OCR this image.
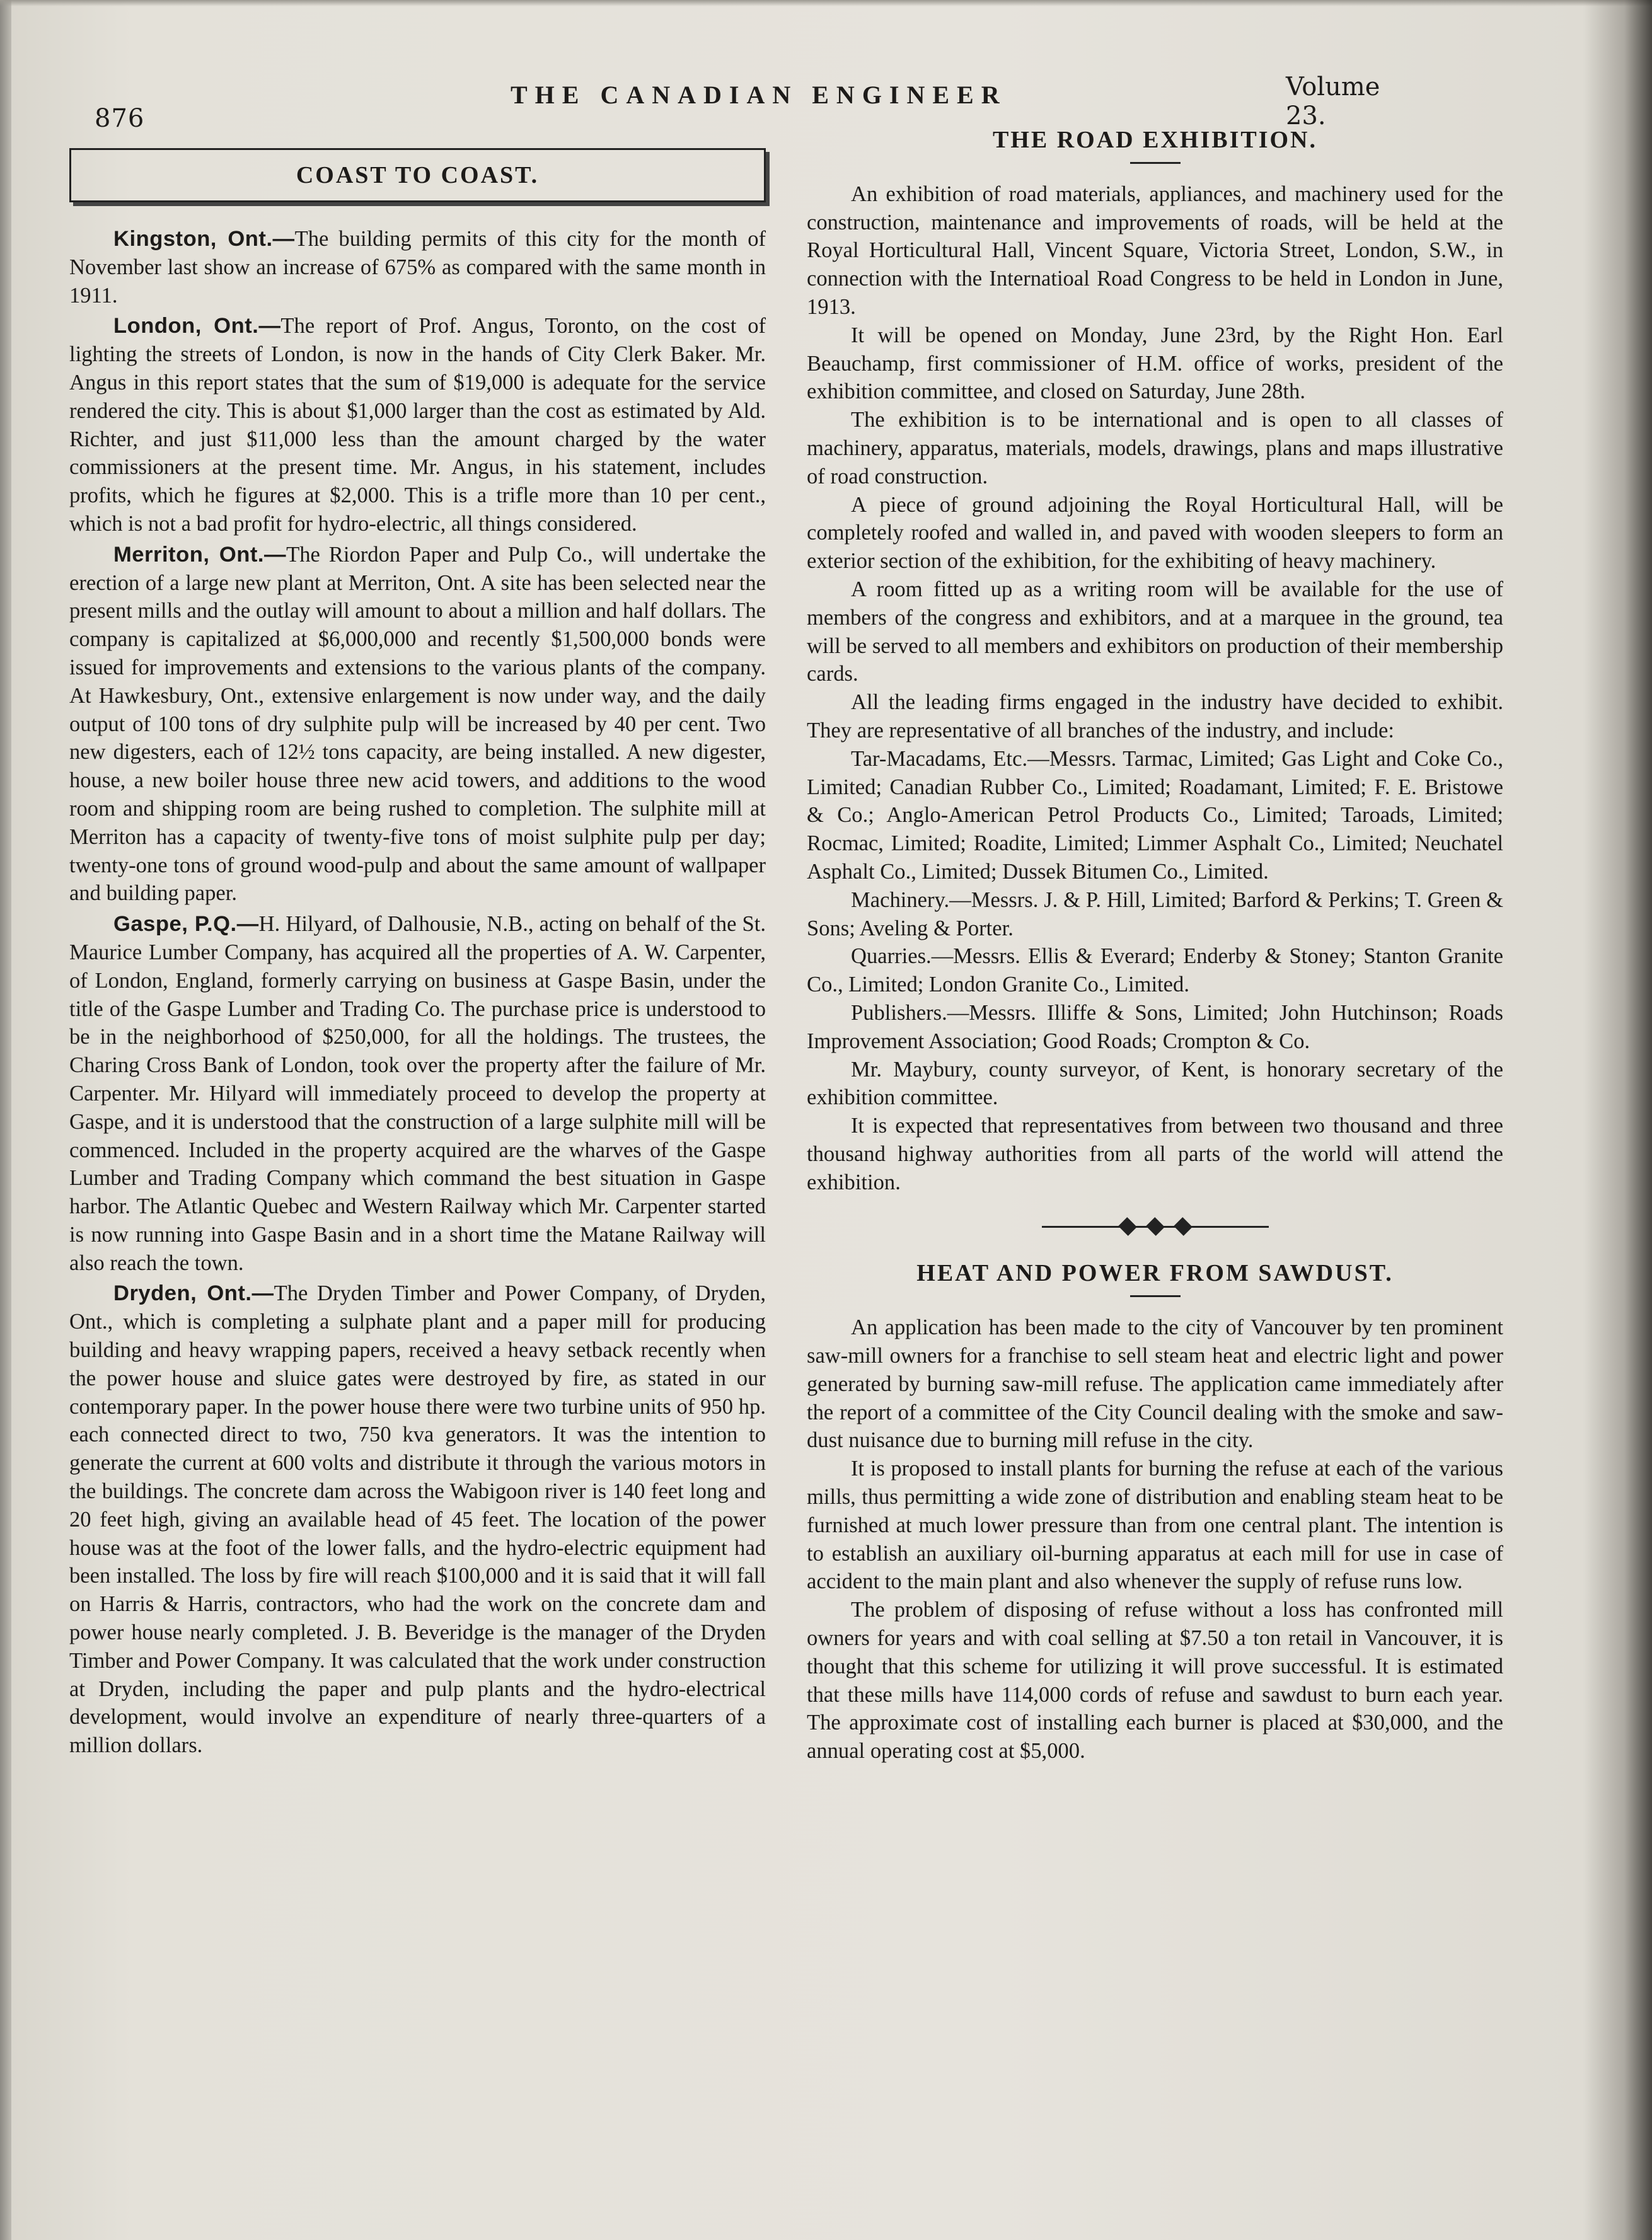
876
THE CANADIAN ENGINEER	Volume 23.
COAST TO COAST.

Kingston, Ont.—The building permits of this city for the month of November last show an increase of 675% as compared with the same month in 1911.

London, Ont.—The report of Prof. Angus, Toronto, on the cost of lighting the streets of London, is now in the hands of City Clerk Baker. Mr. Angus in this report states that the sum of $19,000 is adequate for the service rendered the city. This is about $1,000 larger than the cost as estimated by Ald. Richter, and just $11,000 less than the amount charged by the water commissioners at the present time. Mr. Angus, in his statement, includes profits, which he figures at $2,000. This is a trifle more than 10 per cent., which is not a bad profit for hydro-electric, all things considered.

Merriton, Ont.—The Riordon Paper and Pulp Co., will undertake the erection of a large new plant at Merriton, Ont. A site has been selected near the present mills and the outlay will amount to about a million and half dollars. The company is capitalized at $6,000,000 and recently $1,500,000 bonds were issued for improvements and extensions to the various plants of the company. At Hawkesbury, Ont., extensive enlargement is now under way, and the daily output of 100 tons of dry sulphite pulp will be increased by 40 per cent. Two new digesters, each of 12½ tons capacity, are being installed. A new digester, house, a new boiler house three new acid towers, and additions to the wood room and shipping room are being rushed to completion. The sulphite mill at Merriton has a capacity of twenty-five tons of moist sulphite pulp per day; twenty-one tons of ground wood-pulp and about the same amount of wallpaper and building paper.

Gaspe, P.Q.—H. Hilyard, of Dalhousie, N.B., acting on behalf of the St. Maurice Lumber Company, has acquired all the properties of A. W. Carpenter, of London, England, formerly carrying on business at Gaspe Basin, under the title of the Gaspe Lumber and Trading Co. The purchase price is understood to be in the neighborhood of $250,000, for all the holdings. The trustees, the Charing Cross Bank of London, took over the property after the failure of Mr. Carpenter. Mr. Hilyard will immediately proceed to develop the property at Gaspe, and it is understood that the construction of a large sulphite mill will be commenced. Included in the property acquired are the wharves of the Gaspe Lumber and Trading Company which command the best situation in Gaspe harbor. The Atlantic Quebec and Western Railway which Mr. Carpenter started is now running into Gaspe Basin and in a short time the Matane Railway will also reach the town.

Dryden, Ont.—The Dryden Timber and Power Company, of Dryden, Ont., which is completing a sulphate plant and a paper mill for producing building and heavy wrapping papers, received a heavy setback recently when the power house and sluice gates were destroyed by fire, as stated in our contemporary paper. In the power house there were two turbine units of 950 hp. each connected direct to two, 750 kva generators. It was the intention to generate the current at 600 volts and distribute it through the various motors in the buildings. The concrete dam across the Wabigoon river is 140 feet long and 20 feet high, giving an available head of 45 feet. The location of the power house was at the foot of the lower falls, and the hydro-electric equipment had been installed. The loss by fire will reach $100,000 and it is said that it will fall on Harris & Harris, contractors, who had the work on the concrete dam and power house nearly completed. J. B. Beveridge is the manager of the Dryden Timber and Power Company. It was calculated that the work under construction at Dryden, including the paper and pulp plants and the hydro-electrical development, would involve an expenditure of nearly three-quarters of a million dollars.

THE ROAD EXHIBITION.

An exhibition of road materials, appliances, and machinery used for the construction, maintenance and improvements of roads, will be held at the Royal Horticultural Hall, Vincent Square, Victoria Street, London, S.W., in connection with the Internatioal Road Congress to be held in London in June, 1913.

It will be opened on Monday, June 23rd, by the Right Hon. Earl Beauchamp, first commissioner of H.M. office of works, president of the exhibition committee, and closed on Saturday, June 28th.

The exhibition is to be international and is open to all classes of machinery, apparatus, materials, models, drawings, plans and maps illustrative of road construction.

A piece of ground adjoining the Royal Horticultural Hall, will be completely roofed and walled in, and paved with wooden sleepers to form an exterior section of the exhibition, for the exhibiting of heavy machinery.

A room fitted up as a writing room will be available for the use of members of the congress and exhibitors, and at a marquee in the ground, tea will be served to all members and exhibitors on production of their membership cards.

All the leading firms engaged in the industry have decided to exhibit. They are representative of all branches of the industry, and include:

Tar-Macadams, Etc.—Messrs. Tarmac, Limited; Gas Light and Coke Co., Limited; Canadian Rubber Co., Limited; Roadamant, Limited; F. E. Bristowe & Co.; Anglo-American Petrol Products Co., Limited; Taroads, Limited; Rocmac, Limited; Roadite, Limited; Limmer Asphalt Co., Limited; Neuchatel Asphalt Co., Limited; Dussek Bitumen Co., Limited.

Machinery.—Messrs. J. & P. Hill, Limited; Barford & Perkins; T. Green & Sons; Aveling & Porter.

Quarries.—Messrs. Ellis & Everard; Enderby & Stoney; Stanton Granite Co., Limited; London Granite Co., Limited.

Publishers.—Messrs. Illiffe & Sons, Limited; John Hutchinson; Roads Improvement Association; Good Roads; Crompton & Co.

Mr. Maybury, county surveyor, of Kent, is honorary secretary of the exhibition committee.

It is expected that representatives from between two thousand and three thousand highway authorities from all parts of the world will attend the exhibition.

HEAT AND POWER FROM SAWDUST.

An application has been made to the city of Vancouver by ten prominent saw-mill owners for a franchise to sell steam heat and electric light and power generated by burning saw-mill refuse. The application came immediately after the report of a committee of the City Council dealing with the smoke and saw-dust nuisance due to burning mill refuse in the city.

It is proposed to install plants for burning the refuse at each of the various mills, thus permitting a wide zone of distribution and enabling steam heat to be furnished at much lower pressure than from one central plant. The intention is to establish an auxiliary oil-burning apparatus at each mill for use in case of accident to the main plant and also whenever the supply of refuse runs low.

The problem of disposing of refuse without a loss has confronted mill owners for years and with coal selling at $7.50 a ton retail in Vancouver, it is thought that this scheme for utilizing it will prove successful. It is estimated that these mills have 114,000 cords of refuse and sawdust to burn each year. The approximate cost of installing each burner is placed at $30,000, and the annual operating cost at $5,000.
